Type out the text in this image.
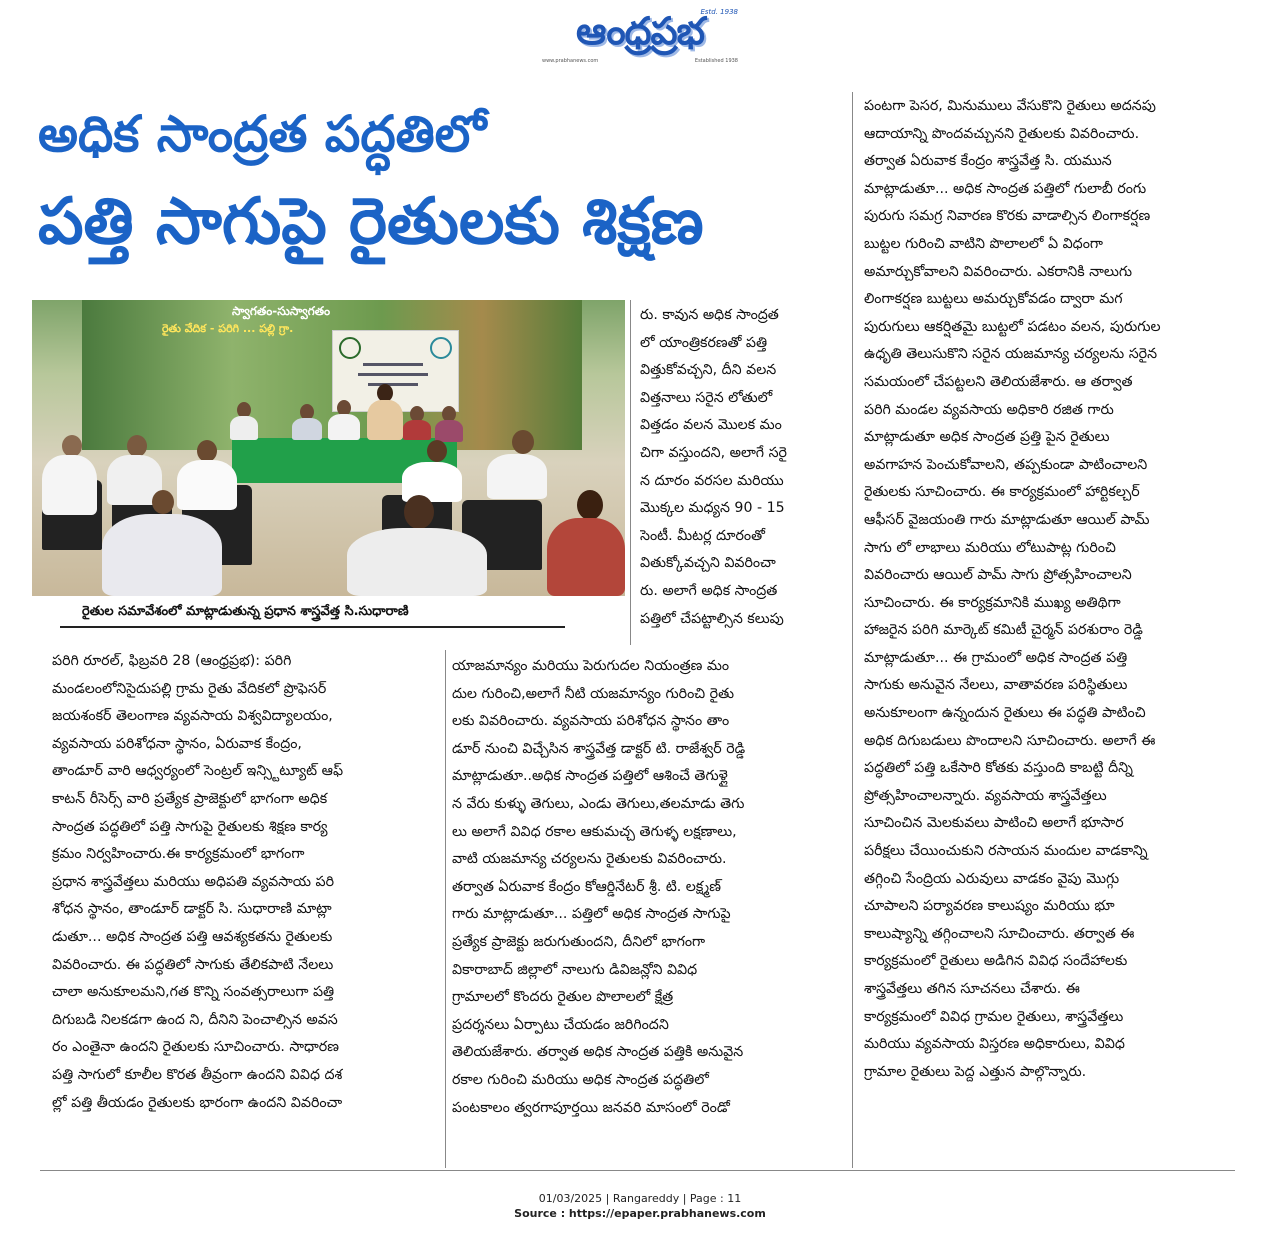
ఆంధ్రప్రభ
Estd. 1938
www.prabhanews.com	Established 1938
అధిక సాంద్రత పద్ధతిలో
పత్తి సాగుపై రైతులకు శిక్షణ
స్వాగతం-సుస్వాగతం
రైతు వేదిక - పరిగి ... పల్లి గ్రా.
రైతుల సమావేశంలో మాట్లాడుతున్న ప్రధాన శాస్త్రవేత్త సి.సుధారాణి
పరిగి రూరల్, ఫిబ్రవరి 28 (ఆంధ్రప్రభ): పరిగి
మండలంలోనిసైదుపల్లి గ్రామ రైతు వేదికలో ప్రొఫెసర్
జయశంకర్ తెలంగాణ వ్యవసాయ విశ్వవిద్యాలయం,
వ్యవసాయ పరిశోధనా స్థానం, ఏరువాక కేంద్రం,
తాండూర్ వారి ఆధ్వర్యంలో సెంట్రల్ ఇన్స్టిట్యూట్ ఆఫ్
కాటన్ రీసెర్స్ వారి ప్రత్యేక ప్రాజెక్టులో భాగంగా అధిక
సాంద్రత పద్ధతిలో పత్తి సాగుపై రైతులకు శిక్షణ కార్య
క్రమం నిర్వహించారు.ఈ కార్యక్రమంలో భాగంగా
ప్రధాన శాస్త్రవేత్తలు మరియు అధిపతి వ్యవసాయ పరి
శోధన స్థానం, తాండూర్ డాక్టర్ సి. సుధారాణి మాట్లా
డుతూ... అధిక సాంద్రత పత్తి ఆవశ్యకతను రైతులకు
వివరించారు. ఈ పద్ధతిలో సాగుకు తేలికపాటి నేలలు
చాలా అనుకూలమని,గత కొన్ని సంవత్సరాలుగా పత్తి
దిగుబడి నిలకడగా ఉంద ని, దీనిని పెంచాల్సిన అవస
రం ఎంతైనా ఉందని రైతులకు సూచించారు. సాధారణ
పత్తి సాగులో కూలీల కొరత తీవ్రంగా ఉందని వివిధ దశ
ల్లో పత్తి తీయడం రైతులకు భారంగా ఉందని వివరించా
రు. కావున అధిక సాంద్రత
లో యాంత్రికరణతో పత్తి
విత్తుకోవచ్చని, దీని వలన
విత్తనాలు సరైన లోతులో
విత్తడం వలన మొలక మం
చిగా వస్తుందని, అలాగే సరై
న దూరం వరసల మరియు
మొక్కల మధ్యన 90 - 15
సెంటీ. మీటర్ల దూరంతో
వితుక్కోవచ్చని వివరించా
రు. అలాగే అధిక సాంద్రత
పత్తిలో చేపట్టాల్సిన కలుపు
యాజమాన్యం మరియు పెరుగుదల నియంత్రణ మం
దుల గురించి,అలాగే నీటి యజమాన్యం గురించి రైతు
లకు వివరించారు. వ్యవసాయ పరిశోధన స్థానం తాం
డూర్ నుంచి విచ్చేసిన శాస్త్రవేత్త డాక్టర్ టి. రాజేశ్వర్ రెడ్డి
మాట్లాడుతూ..అధిక సాంద్రత పత్తిలో ఆశించే తెగుళ్లై
న వేరు కుళ్ళు తెగులు, ఎండు తెగులు,తలమాడు తెగు
లు అలాగే వివిధ రకాల ఆకుమచ్చ తెగుళ్ళ లక్షణాలు,
వాటి యజమాన్య చర్యలను రైతులకు వివరించారు.
తర్వాత ఏరువాక కేంద్రం కోఆర్డినేటర్ శ్రీ. టి. లక్ష్మణ్
గారు మాట్లాడుతూ... పత్తిలో అధిక సాంద్రత సాగుపై
ప్రత్యేక ప్రాజెక్టు జరుగుతుందని, దీనిలో భాగంగా
వికారాబాద్ జిల్లాలో నాలుగు డివిజన్లోని వివిధ
గ్రామాలలో కొందరు రైతుల పొలాలలో క్షేత్ర
ప్రదర్శనలు ఏర్పాటు చేయడం జరిగిందని
తెలియజేశారు. తర్వాత అధిక సాంద్రత పత్తికి అనువైన
రకాల గురించి మరియు అధిక సాంద్రత పద్ధతిలో
పంటకాలం త్వరగాపూర్తయి జనవరి మాసంలో రెండో
పంటగా పెసర, మినుములు వేసుకొని రైతులు అదనపు
ఆదాయాన్ని పొందవచ్చునని రైతులకు వివరించారు.
తర్వాత ఏరువాక కేంద్రం శాస్త్రవేత్త సి. యమున
మాట్లాడుతూ... అధిక సాంద్రత పత్తిలో గులాబీ రంగు
పురుగు సమగ్ర నివారణ కొరకు వాడాల్సిన లింగాకర్షణ
బుట్టల గురించి వాటిని పొలాలలో ఏ విధంగా
అమార్చుకోవాలని వివరించారు. ఎకరానికి నాలుగు
లింగాకర్షణ బుట్టలు అమర్చుకోవడం ద్వారా మగ
పురుగులు ఆకర్షితమై బుట్టలో పడటం వలన, పురుగుల
ఉధృతి తెలుసుకొని సరైన యజమాన్య చర్యలను సరైన
సమయంలో చేపట్టలని తెలియజేశారు. ఆ తర్వాత
పరిగి మండల వ్యవసాయ అధికారి రజిత గారు
మాట్లాడుతూ అధిక సాంద్రత ప్రత్తి పైన రైతులు
అవగాహన పెంచుకోవాలని, తప్పకుండా పాటించాలని
రైతులకు సూచించారు. ఈ కార్యక్రమంలో హార్టికల్చర్
ఆఫీసర్ వైజయంతి గారు మాట్లాడుతూ ఆయిల్ పామ్
సాగు లో లాభాలు మరియు లోటుపాట్ల గురించి
వివరించారు ఆయిల్ పామ్ సాగు ప్రోత్సహించాలని
సూచించారు. ఈ కార్యక్రమానికి ముఖ్య అతిథిగా
హాజరైన పరిగి మార్కెట్ కమిటీ చైర్మన్ పరశురాం రెడ్డి
మాట్లాడుతూ... ఈ గ్రామంలో అధిక సాంద్రత పత్తి
సాగుకు అనువైన నేలలు, వాతావరణ పరిస్థితులు
అనుకూలంగా ఉన్నందున రైతులు ఈ పద్ధతి పాటించి
అధిక దిగుబడులు పొందాలని సూచించారు. అలాగే ఈ
పద్ధతిలో పత్తి ఒకేసారి కోతకు వస్తుంది కాబట్టి దీన్ని
ప్రోత్సహించాలన్నారు. వ్యవసాయ శాస్త్రవేత్తలు
సూచించిన మెలకువలు పాటించి అలాగే భూసార
పరీక్షలు చేయించుకుని రసాయన మందుల వాడకాన్ని
తగ్గించి సేంద్రియ ఎరువులు వాడకం వైపు మొగ్గు
చూపాలని పర్యావరణ కాలుష్యం మరియు భూ
కాలుష్యాన్ని తగ్గించాలని సూచించారు. తర్వాత ఈ
కార్యక్రమంలో రైతులు అడిగిన వివిధ సందేహాలకు
శాస్త్రవేత్తలు తగిన సూచనలు చేశారు. ఈ
కార్యక్రమంలో వివిధ గ్రామల రైతులు, శాస్త్రవేత్తలు
మరియు వ్యవసాయ విస్తరణ అధికారులు, వివిధ
గ్రామాల రైతులు పెద్ద ఎత్తున పాల్గొన్నారు.
01/03/2025 | Rangareddy | Page : 11
Source : https://epaper.prabhanews.com
